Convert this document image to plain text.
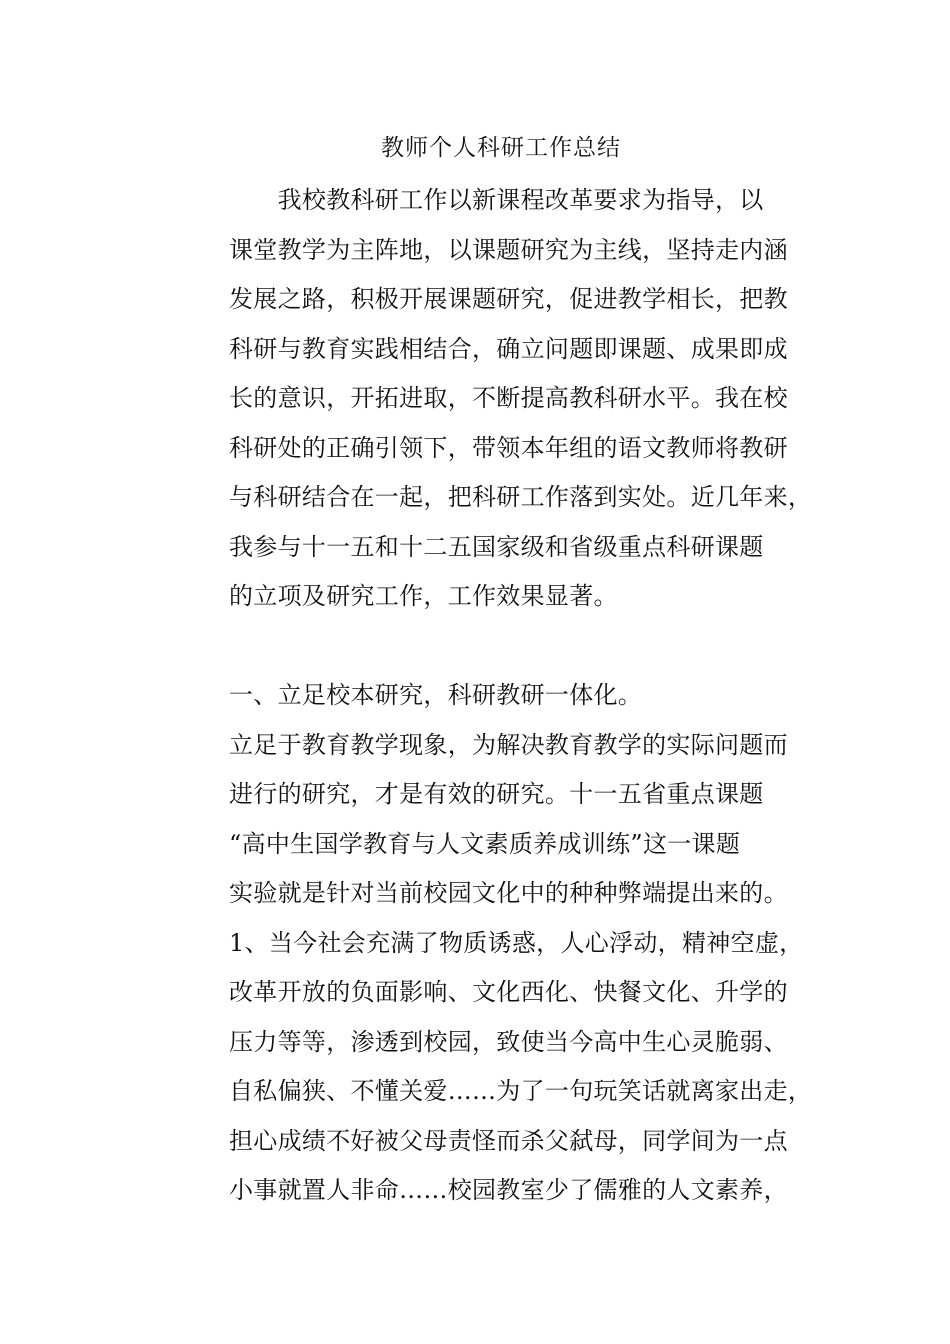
教师个人科研工作总结
　　我校教科研工作以新课程改革要求为指导，以
课堂教学为主阵地，以课题研究为主线，坚持走内涵
发展之路，积极开展课题研究，促进教学相长，把教
科研与教育实践相结合，确立问题即课题、成果即成
长的意识，开拓进取，不断提高教科研水平。我在校
科研处的正确引领下，带领本年组的语文教师将教研
与科研结合在一起，把科研工作落到实处。近几年来，
我参与十一五和十二五国家级和省级重点科研课题
的立项及研究工作，工作效果显著。
一、立足校本研究，科研教研一体化。
立足于教育教学现象，为解决教育教学的实际问题而
进行的研究，才是有效的研究。十一五省重点课题
“高中生国学教育与人文素质养成训练”这一课题
实验就是针对当前校园文化中的种种弊端提出来的。
1、当今社会充满了物质诱惑，人心浮动，精神空虚，
改革开放的负面影响、文化西化、快餐文化、升学的
压力等等，渗透到校园，致使当今高中生心灵脆弱、
自私偏狭、不懂关爱……为了一句玩笑话就离家出走，
担心成绩不好被父母责怪而杀父弑母，同学间为一点
小事就置人非命……校园教室少了儒雅的人文素养，
